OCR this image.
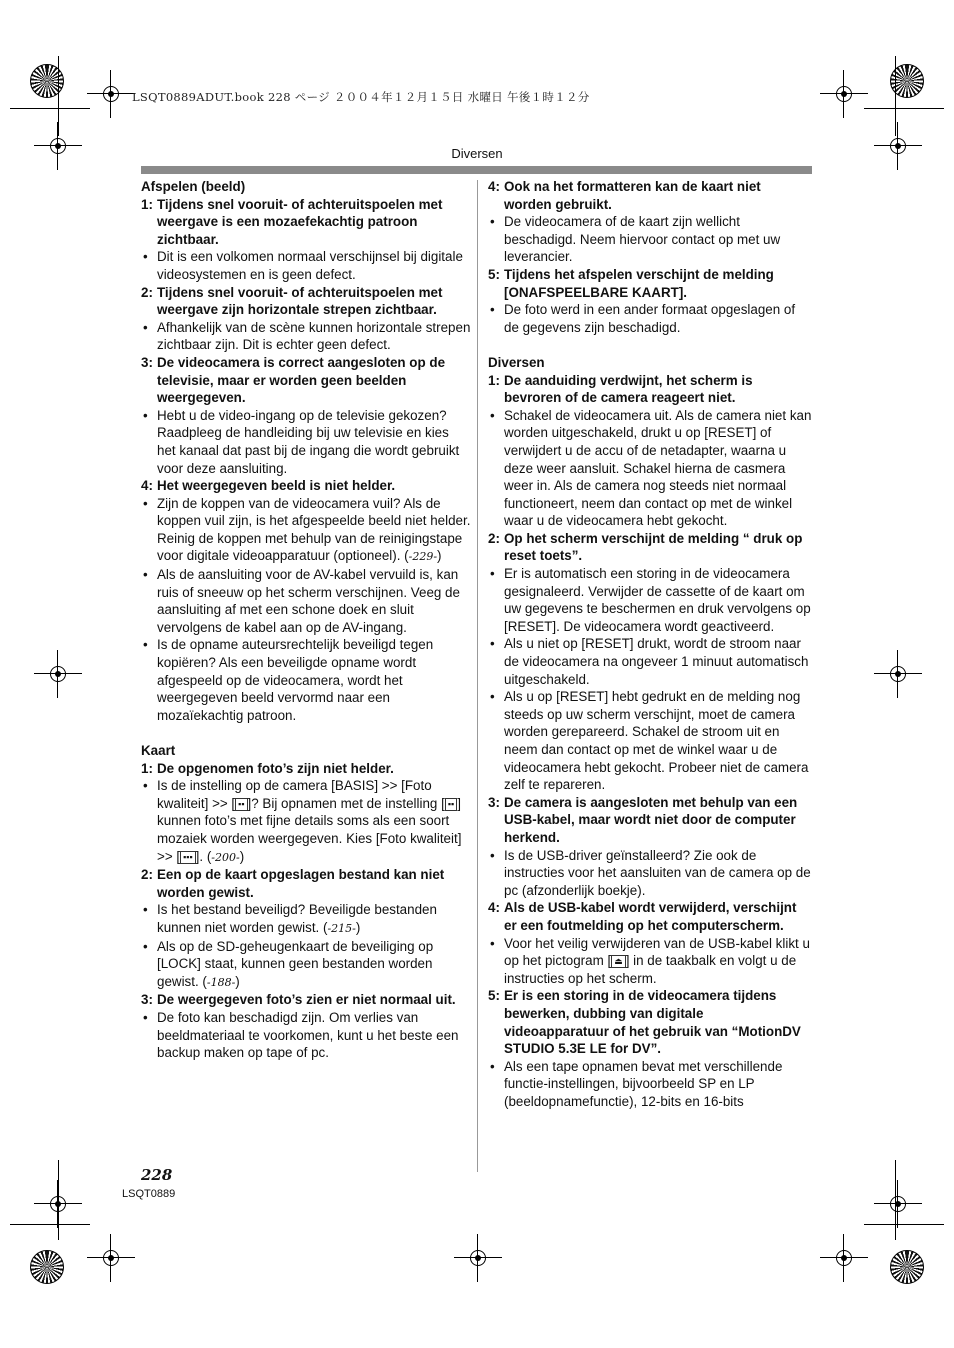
LSQT0889ADUT.book 228 ページ ２００４年１２月１５日 水曜日 午後１時１２分
Diversen
Afspelen (beeld)
1: Tijdens snel vooruit- of achteruitspoelen met weergave is een mozaefekachtig patroon zichtbaar.
• Dit is een volkomen normaal verschijnsel bij digitale videosystemen en is geen defect.
2: Tijdens snel vooruit- of achteruitspoelen met weergave zijn horizontale strepen zichtbaar.
• Afhankelijk van de scène kunnen horizontale strepen zichtbaar zijn. Dit is echter geen defect.
3: De videocamera is correct aangesloten op de televisie, maar er worden geen beelden weergegeven.
• Hebt u de video-ingang op de televisie gekozen? Raadpleeg de handleiding bij uw televisie en kies het kanaal dat past bij de ingang die wordt gebruikt voor deze aansluiting.
4: Het weergegeven beeld is niet helder.
• Zijn de koppen van de videocamera vuil? Als de koppen vuil zijn, is het afgespeelde beeld niet helder. Reinig de koppen met behulp van de reinigingstape voor digitale videoapparatuur (optioneel). (-229-)
• Als de aansluiting voor de AV-kabel vervuild is, kan ruis of sneeuw op het scherm verschijnen. Veeg de aansluiting af met een schone doek en sluit vervolgens de kabel aan op de AV-ingang.
• Is de opname auteursrechtelijk beveiligd tegen kopiëren? Als een beveiligde opname wordt afgespeeld op de videocamera, wordt het weergegeven beeld vervormd naar een mozaïekachtig patroon.
Kaart
1: De opgenomen foto’s zijn niet helder.
• Is de instelling op de camera [BASIS] >> [Foto kwaliteit] >> [ ▪▪ ]? Bij opnamen met de instelling [ ▪▪ ] kunnen foto’s met fijne details soms als een soort mozaiek worden weergegeven. Kies [Foto kwaliteit] >> [ ▪▪▪ ]. (-200-)
2: Een op de kaart opgeslagen bestand kan niet worden gewist.
• Is het bestand beveiligd? Beveiligde bestanden kunnen niet worden gewist. (-215-)
• Als op de SD-geheugenkaart de beveiliging op [LOCK] staat, kunnen geen bestanden worden gewist. (-188-)
3: De weergegeven foto’s zien er niet normaal uit.
• De foto kan beschadigd zijn. Om verlies van beeldmateriaal te voorkomen, kunt u het beste een backup maken op tape of pc.
4: Ook na het formatteren kan de kaart niet worden gebruikt.
• De videocamera of de kaart zijn wellicht beschadigd. Neem hiervoor contact op met uw leverancier.
5: Tijdens het afspelen verschijnt de melding [ONAFSPEELBARE KAART].
• De foto werd in een ander formaat opgeslagen of de gegevens zijn beschadigd.
Diversen
1: De aanduiding verdwijnt, het scherm is bevroren of de camera reageert niet.
• Schakel de videocamera uit. Als de camera niet kan worden uitgeschakeld, drukt u op [RESET] of verwijdert u de accu of de netadapter, waarna u deze weer aansluit. Schakel hierna de casmera weer in. Als de camera nog steeds niet normaal functioneert, neem dan contact op met de winkel waar u de videocamera hebt gekocht.
2: Op het scherm verschijnt de melding “ druk op reset toets”.
• Er is automatisch een storing in de videocamera gesignaleerd. Verwijder de cassette of de kaart om uw gegevens te beschermen en druk vervolgens op [RESET]. De videocamera wordt geactiveerd.
• Als u niet op [RESET] drukt, wordt de stroom naar de videocamera na ongeveer 1 minuut automatisch uitgeschakeld.
• Als u op [RESET] hebt gedrukt en de melding nog steeds op uw scherm verschijnt, moet de camera worden gerepareerd. Schakel de stroom uit en neem dan contact op met de winkel waar u de videocamera hebt gekocht. Probeer niet de camera zelf te repareren.
3: De camera is aangesloten met behulp van een USB-kabel, maar wordt niet door de computer herkend.
• Is de USB-driver geïnstalleerd? Zie ook de instructies voor het aansluiten van de camera op de pc (afzonderlijk boekje).
4: Als de USB-kabel wordt verwijderd, verschijnt er een foutmelding op het computerscherm.
• Voor het veilig verwijderen van de USB-kabel klikt u op het pictogram [ ⏏ ] in de taakbalk en volgt u de instructies op het scherm.
5: Er is een storing in de videocamera tijdens bewerken, dubbing van digitale videoapparatuur of het gebruik van “MotionDV STUDIO 5.3E LE for DV”.
• Als een tape opnamen bevat met verschillende functie-instellingen, bijvoorbeeld SP en LP (beeldopnamefunctie), 12-bits en 16-bits
228
LSQT0889
